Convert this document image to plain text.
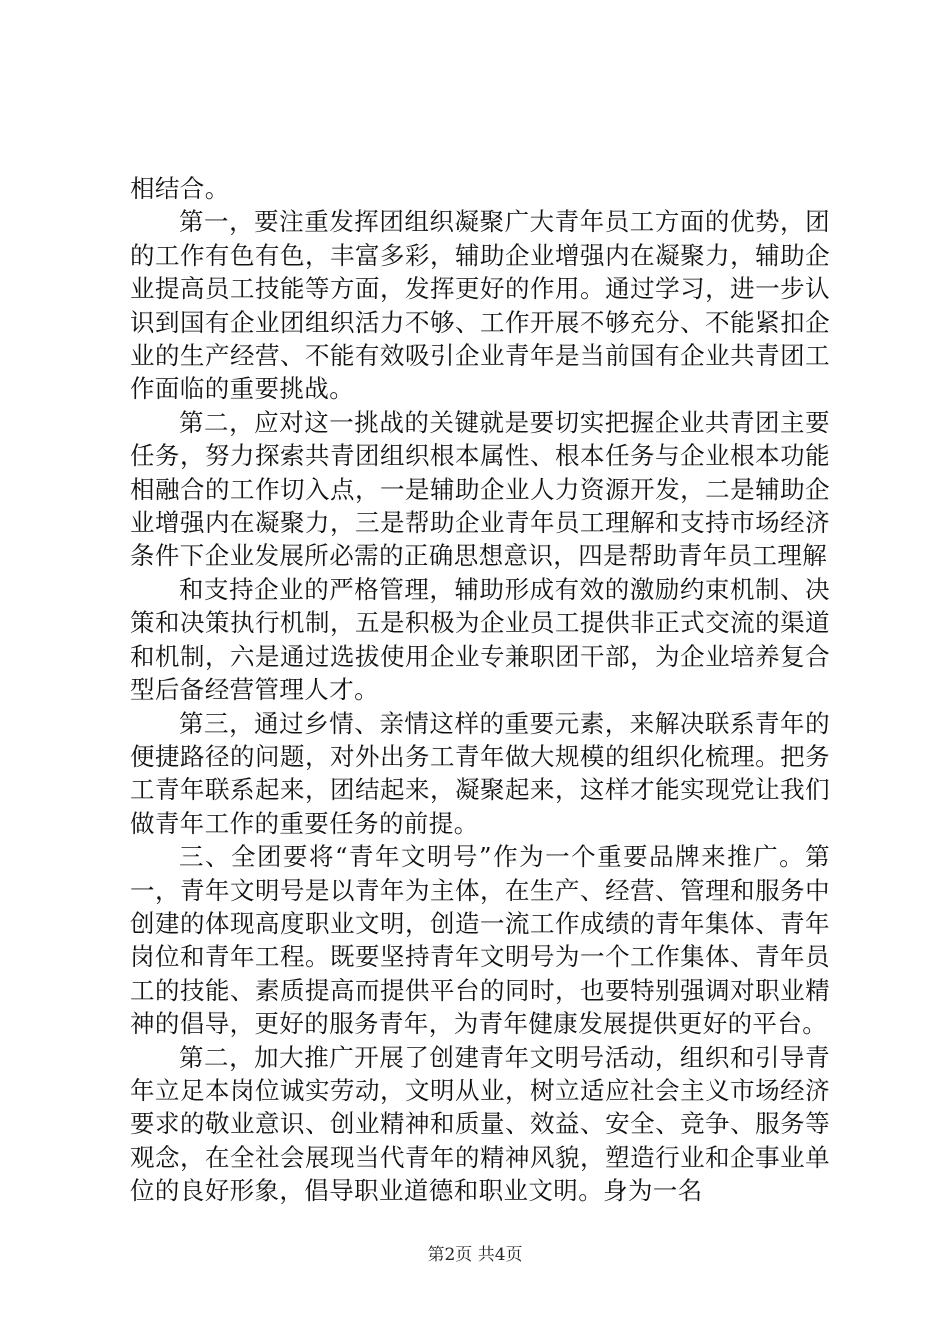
相结合。

第一，要注重发挥团组织凝聚广大青年员工方面的优势，团的工作有色有色，丰富多彩，辅助企业增强内在凝聚力，辅助企业提高员工技能等方面，发挥更好的作用。通过学习，进一步认识到国有企业团组织活力不够、工作开展不够充分、不能紧扣企业的生产经营、不能有效吸引企业青年是当前国有企业共青团工作面临的重要挑战。

第二，应对这一挑战的关键就是要切实把握企业共青团主要任务，努力探索共青团组织根本属性、根本任务与企业根本功能相融合的工作切入点，一是辅助企业人力资源开发，二是辅助企业增强内在凝聚力，三是帮助企业青年员工理解和支持市场经济条件下企业发展所必需的正确思想意识，四是帮助青年员工理解

和支持企业的严格管理，辅助形成有效的激励约束机制、决策和决策执行机制，五是积极为企业员工提供非正式交流的渠道和机制，六是通过选拔使用企业专兼职团干部，为企业培养复合型后备经营管理人才。

第三，通过乡情、亲情这样的重要元素，来解决联系青年的便捷路径的问题，对外出务工青年做大规模的组织化梳理。把务工青年联系起来，团结起来，凝聚起来，这样才能实现党让我们做青年工作的重要任务的前提。

三、全团要将“青年文明号”作为一个重要品牌来推广。第一，青年文明号是以青年为主体，在生产、经营、管理和服务中创建的体现高度职业文明，创造一流工作成绩的青年集体、青年岗位和青年工程。既要坚持青年文明号为一个工作集体、青年员工的技能、素质提高而提供平台的同时，也要特别强调对职业精神的倡导，更好的服务青年，为青年健康发展提供更好的平台。

第二，加大推广开展了创建青年文明号活动，组织和引导青年立足本岗位诚实劳动，文明从业，树立适应社会主义市场经济要求的敬业意识、创业精神和质量、效益、安全、竞争、服务等观念，在全社会展现当代青年的精神风貌，塑造行业和企事业单位的良好形象，倡导职业道德和职业文明。身为一名

第2页 共4页
